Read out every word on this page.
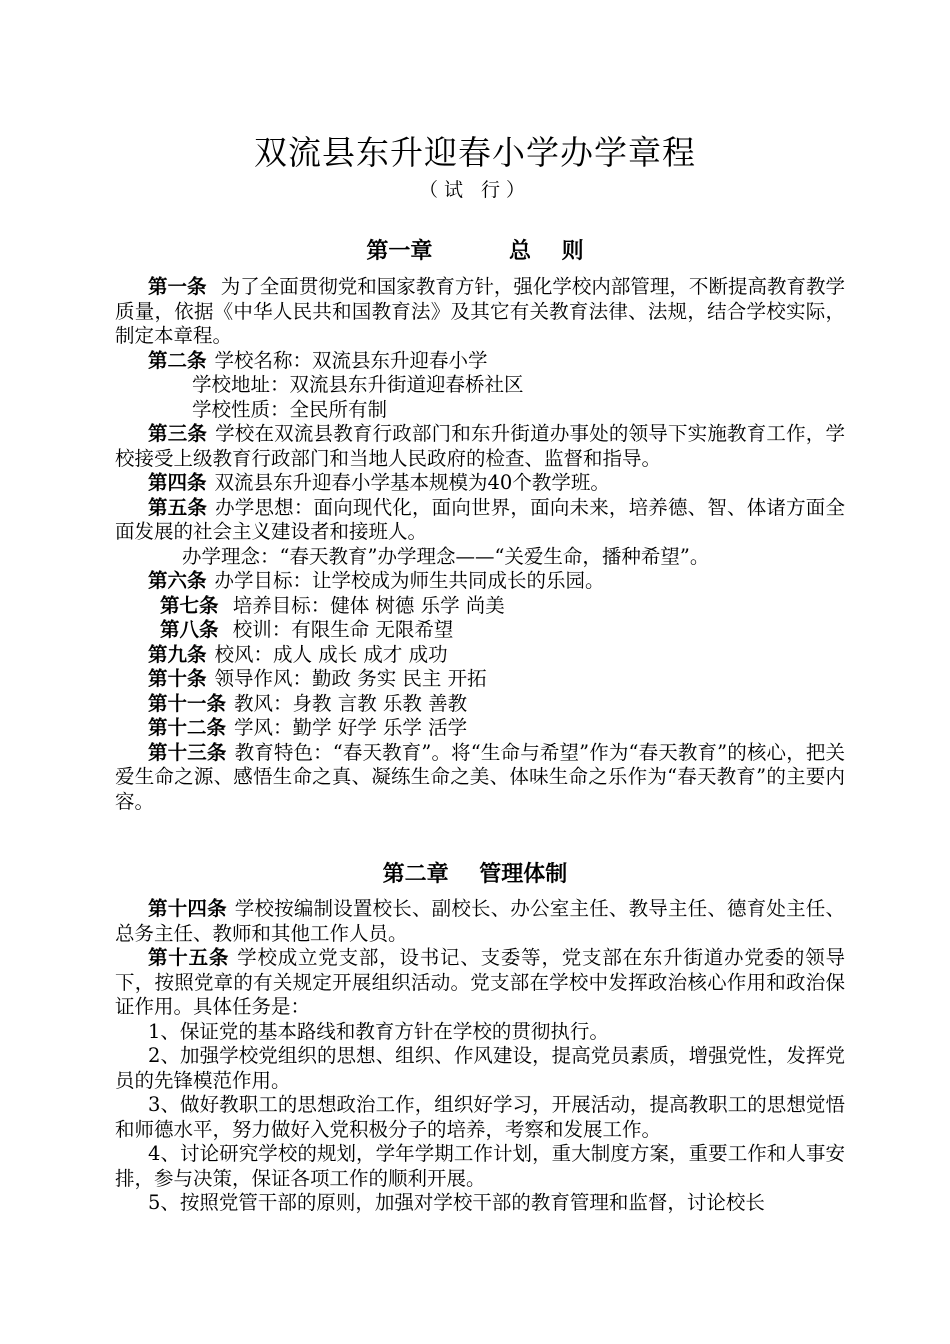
双流县东升迎春小学办学章程
（试 行）
第一章          总    则

第一条 为了全面贯彻党和国家教育方针，强化学校内部管理，不断提高教育教学质量，依据《中华人民共和国教育法》及其它有关教育法律、法规，结合学校实际，制定本章程。

第二条 学校名称：双流县东升迎春小学

学校地址：双流县东升街道迎春桥社区

学校性质：全民所有制

第三条 学校在双流县教育行政部门和东升街道办事处的领导下实施教育工作，学校接受上级教育行政部门和当地人民政府的检查、监督和指导。

第四条 双流县东升迎春小学基本规模为40个教学班。

第五条 办学思想：面向现代化，面向世界，面向未来，培养德、智、体诸方面全面发展的社会主义建设者和接班人。

办学理念：“春天教育”办学理念——“关爱生命，播种希望”。

第六条 办学目标：让学校成为师生共同成长的乐园。

第七条 培养目标：健体 树德 乐学 尚美

第八条 校训：有限生命 无限希望

第九条 校风：成人 成长 成才 成功

第十条 领导作风：勤政 务实 民主 开拓

第十一条 教风：身教 言教 乐教 善教

第十二条 学风：勤学 好学 乐学 活学

第十三条 教育特色：“春天教育”。将“生命与希望”作为“春天教育”的核心，把关爱生命之源、感悟生命之真、凝练生命之美、体味生命之乐作为“春天教育”的主要内容。

第二章    管理体制

第十四条 学校按编制设置校长、副校长、办公室主任、教导主任、德育处主任、总务主任、教师和其他工作人员。

第十五条 学校成立党支部，设书记、支委等，党支部在东升街道办党委的领导下，按照党章的有关规定开展组织活动。党支部在学校中发挥政治核心作用和政治保证作用。具体任务是：

1、保证党的基本路线和教育方针在学校的贯彻执行。

2、加强学校党组织的思想、组织、作风建设，提高党员素质，增强党性，发挥党员的先锋模范作用。

3、做好教职工的思想政治工作，组织好学习，开展活动，提高教职工的思想觉悟和师德水平，努力做好入党积极分子的培养，考察和发展工作。

4、讨论研究学校的规划，学年学期工作计划，重大制度方案，重要工作和人事安排，参与决策，保证各项工作的顺利开展。

5、按照党管干部的原则，加强对学校干部的教育管理和监督，讨论校长
